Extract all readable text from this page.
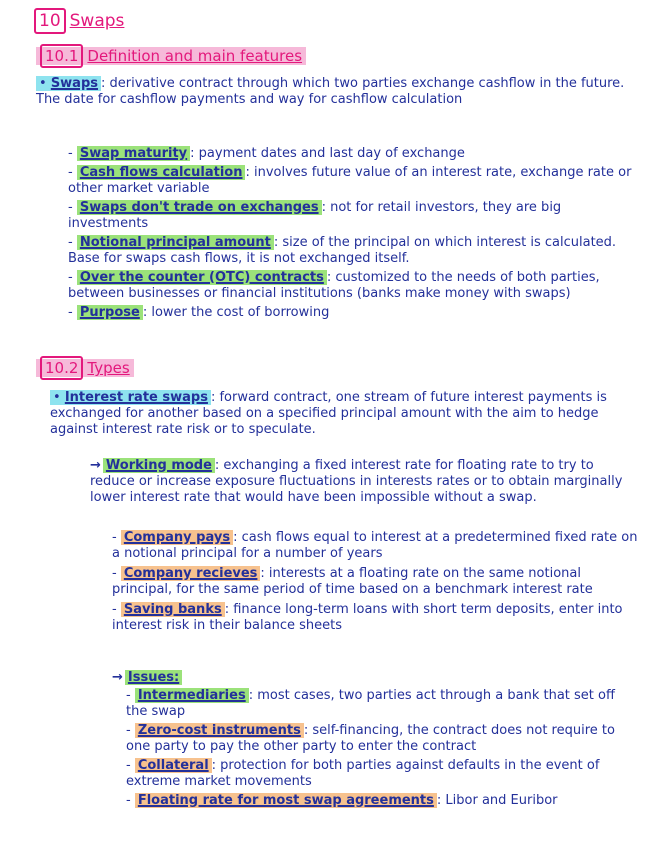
10 Swaps
10.1 Definition and main features
• Swaps : derivative contract through which two parties exchange cashflow in the future. The date for cashflow payments and way for cashflow calculation
- Swap maturity : payment dates and last day of exchange
- Cash flows calculation : involves future value of an interest rate, exchange rate or other market variable
- Swaps don't trade on exchanges : not for retail investors, they are big investments
- Notional principal amount : size of the principal on which interest is calculated. Base for swaps cash flows, it is not exchanged itself.
- Over the counter (OTC) contracts : customized to the needs of both parties, between businesses or financial institutions (banks make money with swaps)
- Purpose : lower the cost of borrowing
10.2 Types
• Interest rate swaps : forward contract, one stream of future interest payments is exchanged for another based on a specified principal amount with the aim to hedge against interest rate risk or to speculate.
→ Working mode : exchanging a fixed interest rate for floating rate to try to reduce or increase exposure fluctuations in interests rates or to obtain marginally lower interest rate that would have been impossible without a swap.
- Company pays : cash flows equal to interest at a predetermined fixed rate on a notional principal for a number of years
- Company recieves : interests at a floating rate on the same notional principal, for the same period of time based on a benchmark interest rate
- Saving banks : finance long-term loans with short term deposits, enter into interest risk in their balance sheets
→ Issues:
- Intermediaries : most cases, two parties act through a bank that set off the swap
- Zero-cost instruments : self-financing, the contract does not require to one party to pay the other party to enter the contract
- Collateral : protection for both parties against defaults in the event of extreme market movements
- Floating rate for most swap agreements : Libor and Euribor
